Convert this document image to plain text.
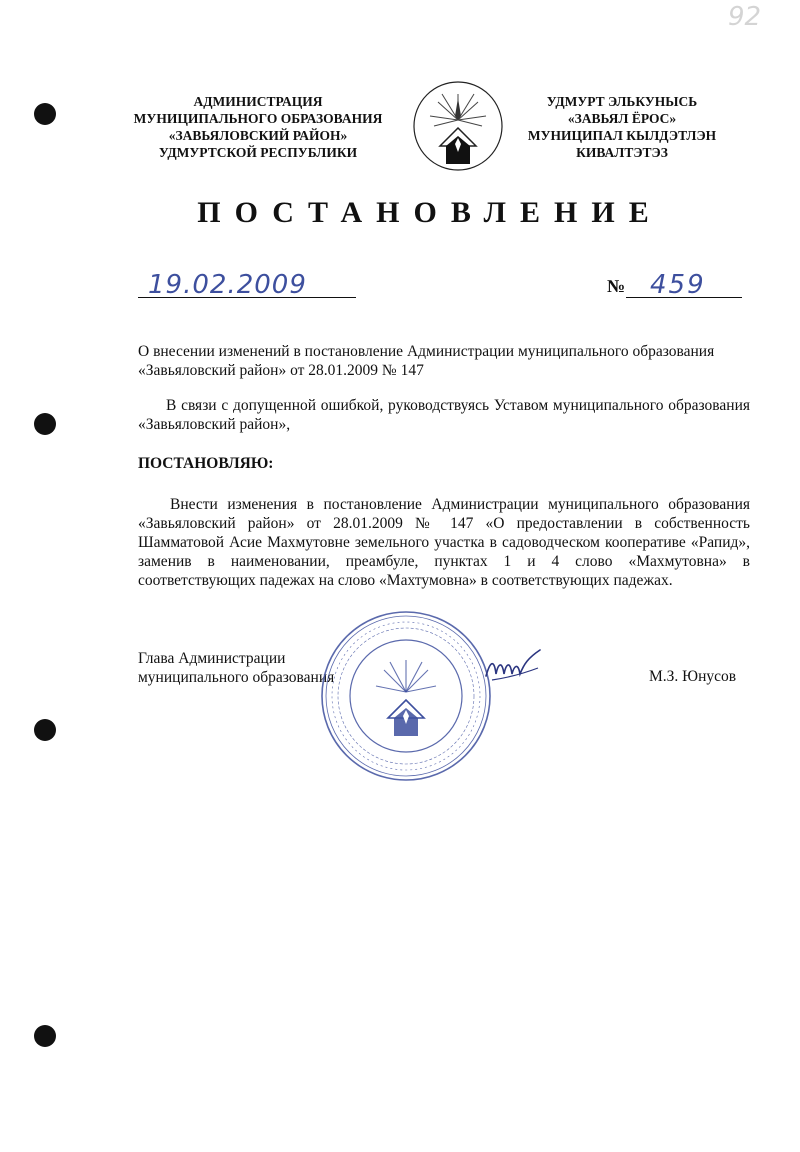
92
АДМИНИСТРАЦИЯ
МУНИЦИПАЛЬНОГО ОБРАЗОВАНИЯ
«ЗАВЬЯЛОВСКИЙ РАЙОН»
УДМУРТСКОЙ РЕСПУБЛИКИ
УДМУРТ ЭЛЬКУНЫСЬ
«ЗАВЬЯЛ ЁРОС»
МУНИЦИПАЛ КЫЛДЭТЛЭН
КИВАЛТЭТЭЗ
ПОСТАНОВЛЕНИЕ
19.02.2009	№ 459
О внесении изменений в постановление Администрации муниципального образования «Завьяловский район» от 28.01.2009 № 147
В связи с допущенной ошибкой, руководствуясь Уставом муниципального образования «Завьяловский район»,
ПОСТАНОВЛЯЮ:
Внести изменения в постановление Администрации муниципального образования «Завьяловский район» от 28.01.2009 № 147 «О предоставлении в собственность Шамматовой Асие Махмутовне земельного участка в садоводческом кооперативе «Рапид», заменив в наименовании, преамбуле, пунктах 1 и 4 слово «Махмутовна» в соответствующих падежах на слово «Махтумовна» в соответствующих падежах.
Глава Администрации
муниципального образования	М.З. Юнусов
